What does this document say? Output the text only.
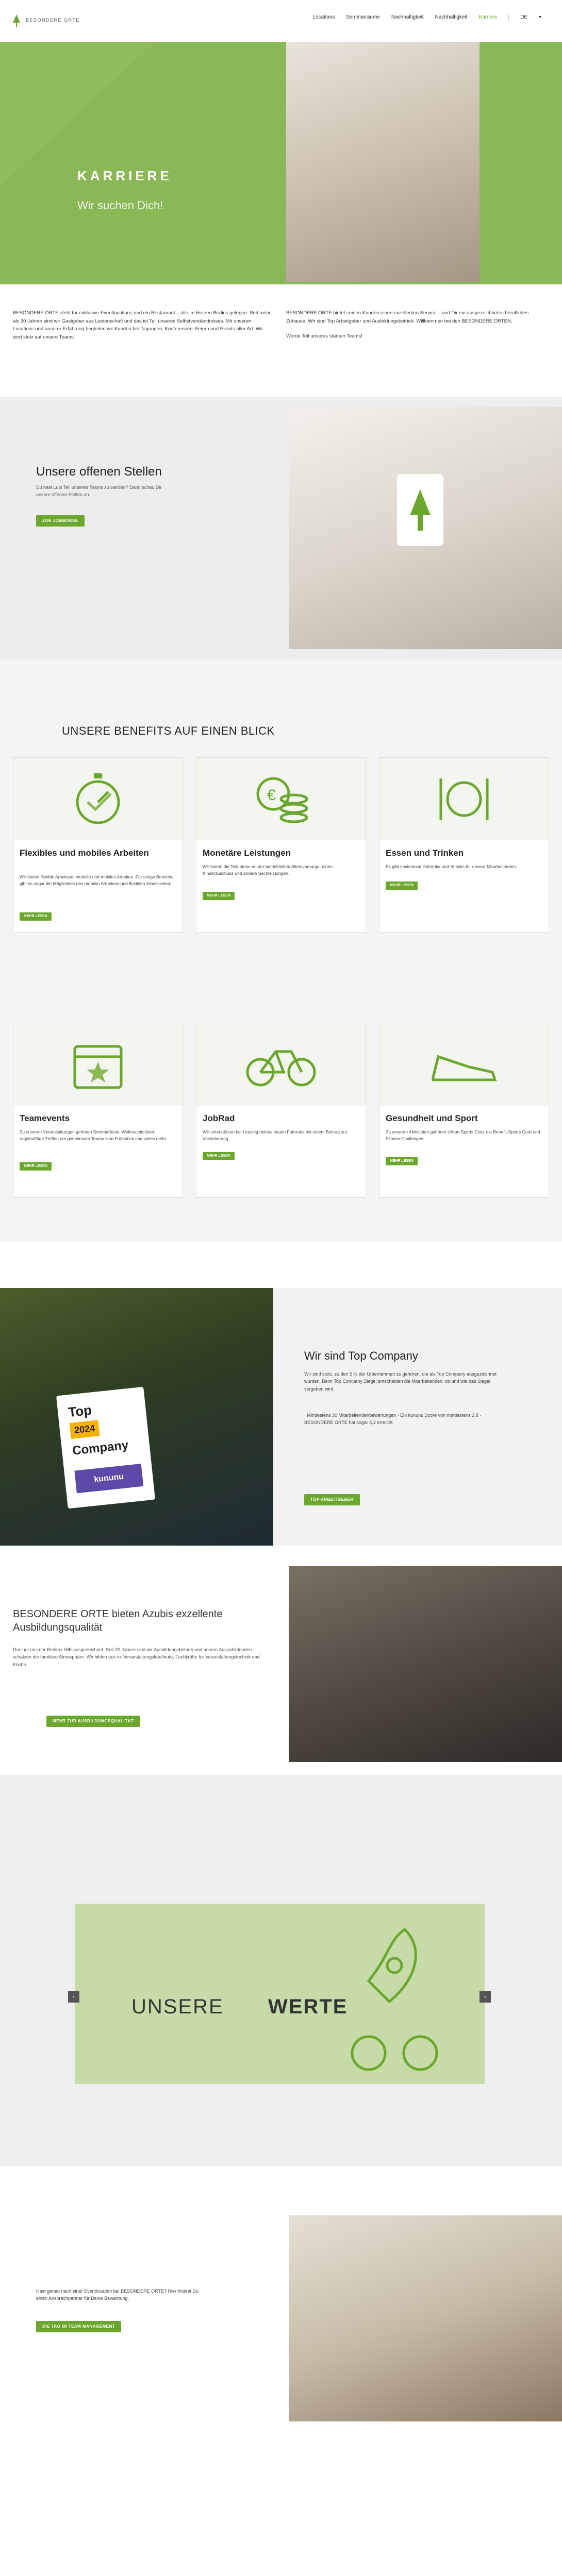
BESONDERE ORTE
Locations Seminarräume Nachhaltigkeit Nachhaltigkeit Karriere	DE ▾
KARRIERE
Wir suchen Dich!

BESONDERE ORTE steht für exklusive Eventlocations und ein Restaurant – alle im Herzen Berlins gelegen. Seit mehr als 30 Jahren sind wir Gastgeber aus Leidenschaft und das ist Teil unseres Selbstverständnisses. Mit unseren Locations und unserer Erfahrung begleiten wir Kunden bei Tagungen, Konferenzen, Feiern und Events aller Art. Wir sind stolz auf unsere Teams.

BESONDERE ORTE bietet seinen Kunden einen exzellenten Service – und Dir ein ausgezeichnetes berufliches Zuhause. Wir sind Top Arbeitgeber und Ausbildungsbetrieb. Willkommen bei den BESONDERE ORTEN.

Werde Teil unseres starken Teams!

Unsere offenen Stellen
Du hast Lust Teil unseres Teams zu werden? Dann schau Dir unsere offenen Stellen an.
ZUR JOBBÖRSE
UNSERE BENEFITS AUF EINEN BLICK
Flexibles und mobiles Arbeiten
Wir bieten flexible Arbeitszeitmodelle und mobiles Arbeiten. Für einige Bereiche gibt es sogar die Möglichkeit des mobilen Arbeitens und flexiblen Arbeitszeiten.
MEHR LESEN
€
Monetäre Leistungen
Wir bieten die Teilnahme an der betrieblichen Altersvorsorge, einen Kinderzuschuss und andere Sachleistungen.
MEHR LESEN
Essen und Trinken
Es gibt kostenlose Getränke und Snacks für unsere Mitarbeitenden.
MEHR LESEN
Teamevents
Zu unseren Veranstaltungen gehören Sommerfeste, Weihnachtsfeiern, regelmäßige Treffen um gemeinsam Teams zum Frühstück und vieles mehr.
MEHR LESEN
JobRad
Wir unterstützen bei Leasing deines neuen Fahrrads mit einem Beitrag zur Versicherung.
MEHR LESEN
Gesundheit und Sport
Zu unseren Aktivitäten gehören Urban Sports Club, die Benefit-Sports Card und Fitness-Challenges.
MEHR LESEN
Top
2024
Company
kununu
Wir sind Top Company
Wir sind stolz, zu den 5 % der Unternehmen zu gehören, die als Top Company ausgezeichnet wurden. Beim Top Company Siegel entscheiden die Mitarbeitenden, ob und wie das Siegel vergeben wird.
· Mindestens 30 Mitarbeitendenbewertungen · Ein kununu Score von mindestens 3,8 · BESONDERE ORTE hat sogar 4,2 erreicht.
TOP ARBEITGEBER
BESONDERE ORTE bieten Azubis exzellente Ausbildungsqualität
Das hat uns der Berliner IHK ausgezeichnet. Seit 20 Jahren sind wir Ausbildungsbetrieb und unsere Auszubildenden schätzen die familiäre Atmosphäre. Wir bilden aus in: Veranstaltungskaufleute, Fachkräfte für Veranstaltungstechnik und Köche.
MEHR ZUR AUSBILDUNGSQUALITÄT
UNSERE WERTE
‹	›
Hast genau nach einer Eventlocation bei BESONDERE ORTE? Hier findest Du einen Ansprechpartner für Deine Bewerbung.
DIE TAG IM TEAM MANAGEMENT
